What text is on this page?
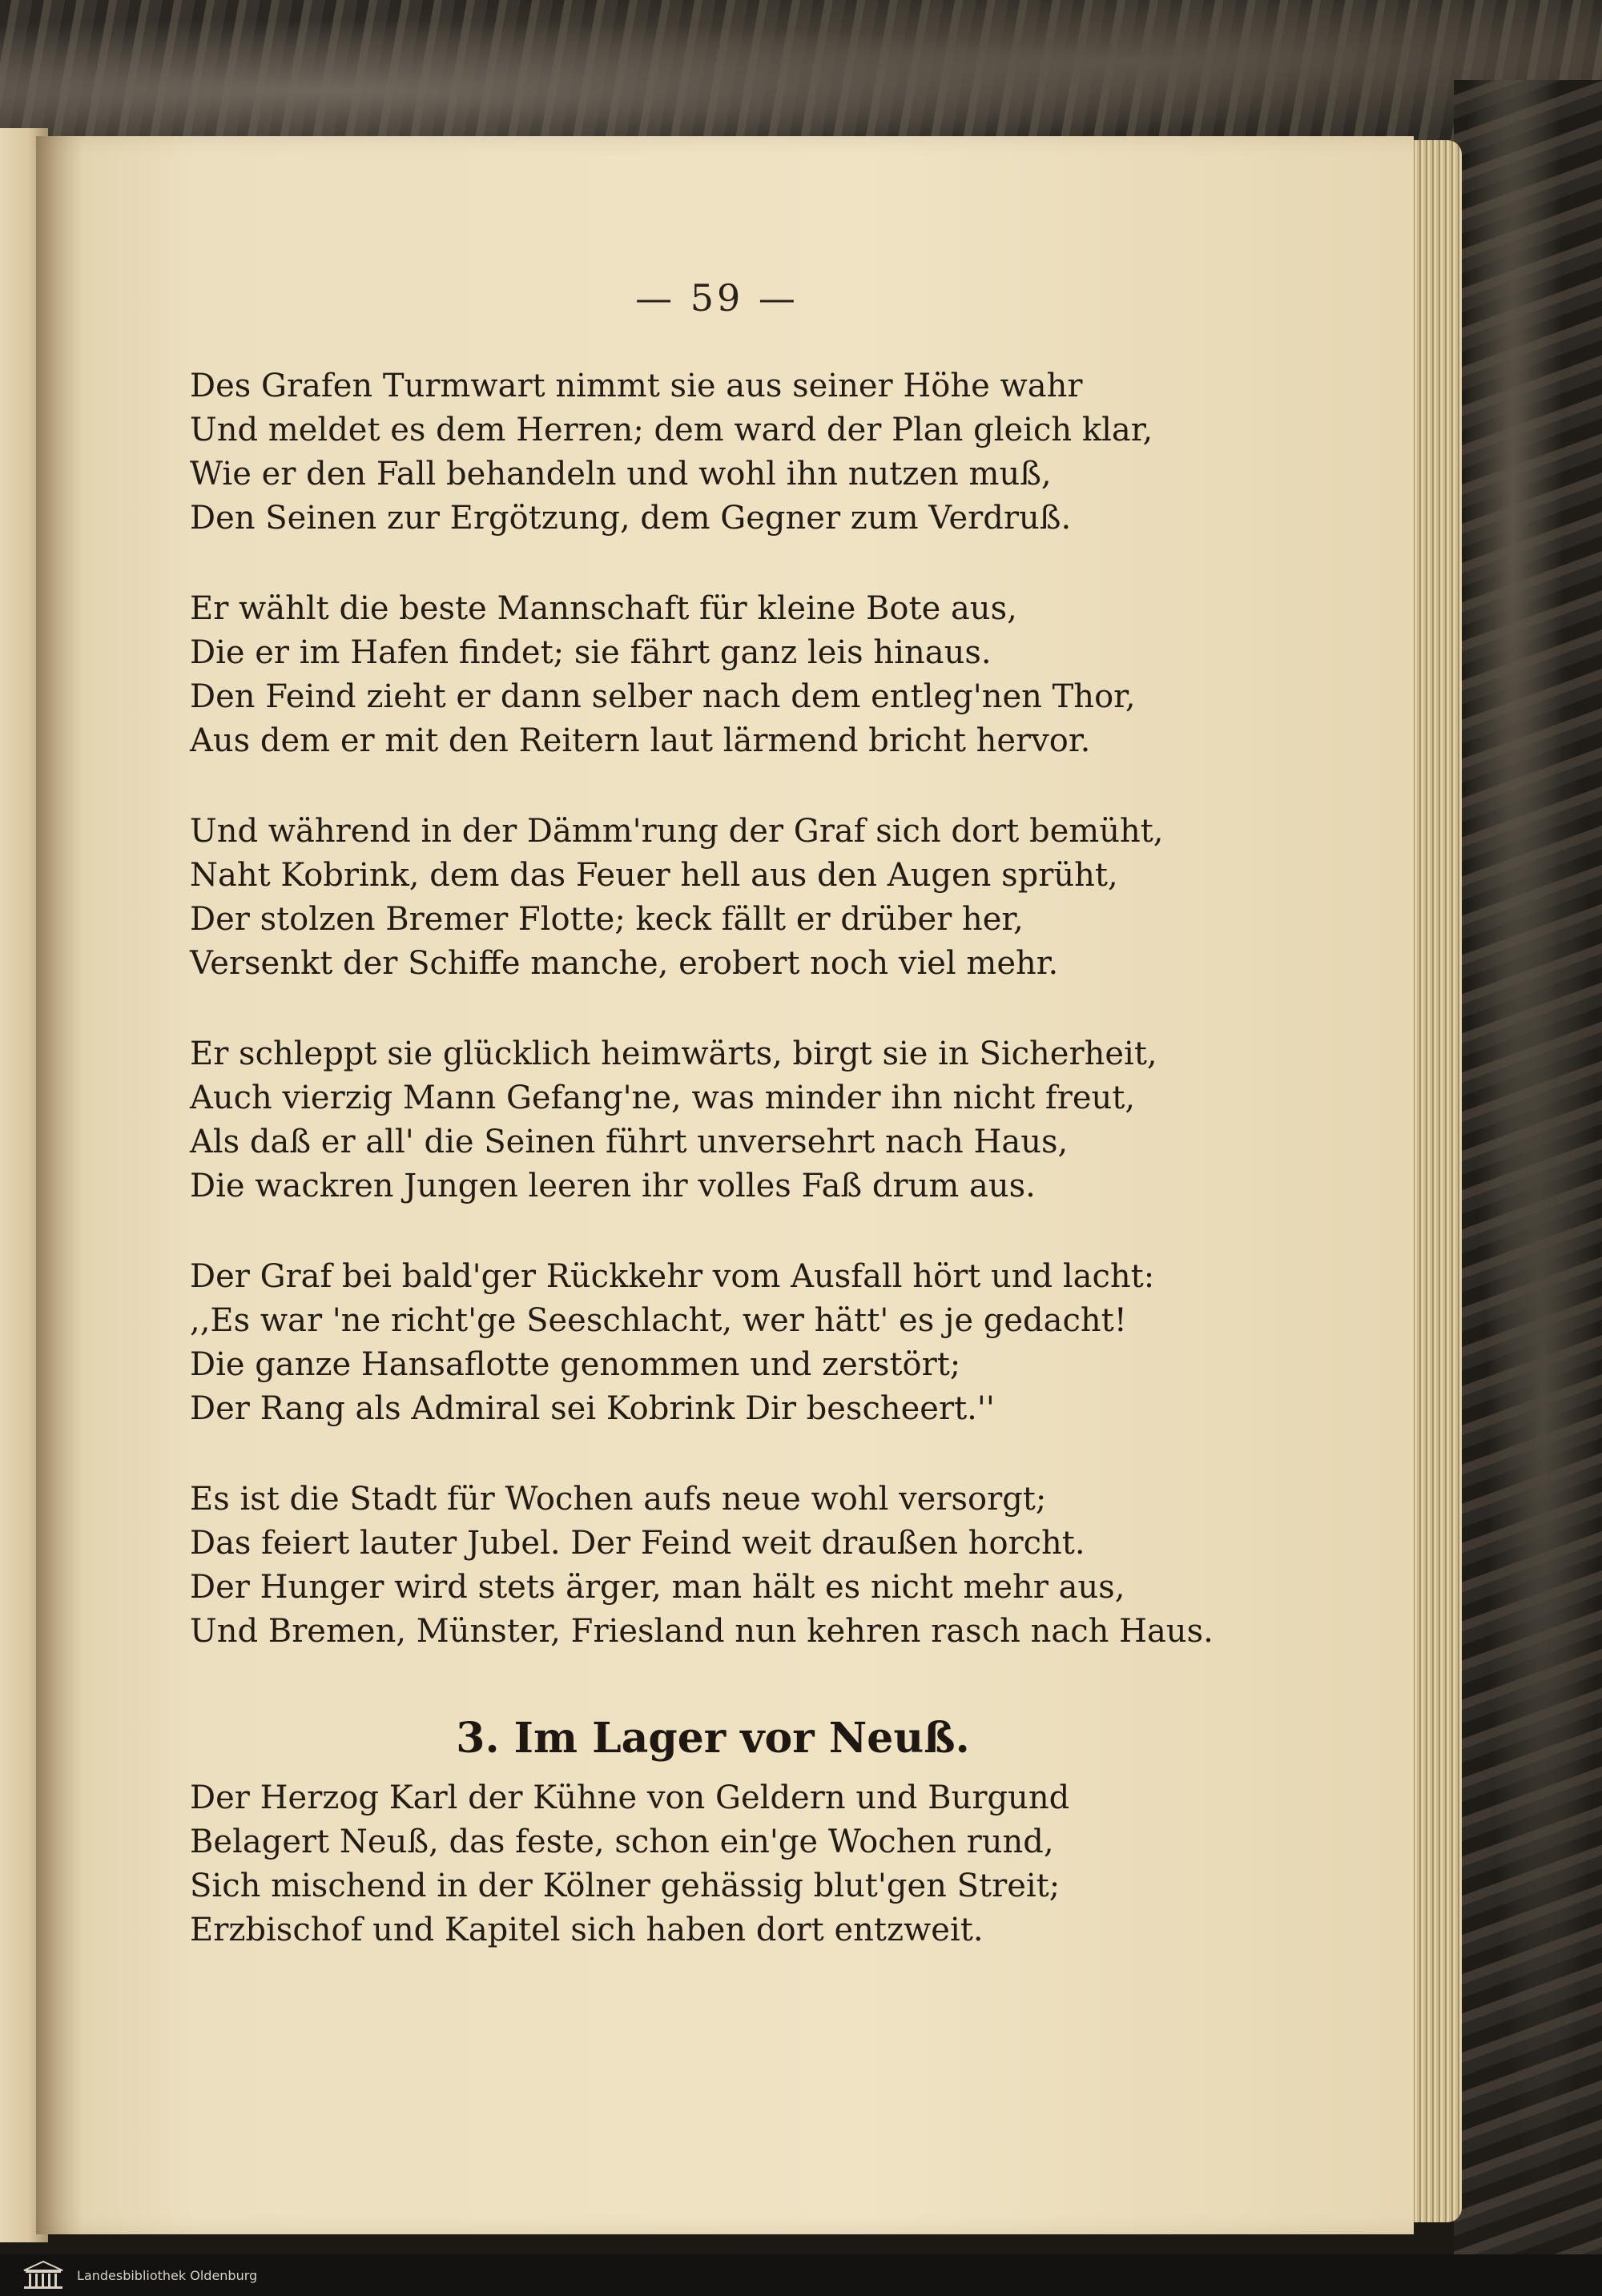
— 59 —
Des Grafen Turmwart nimmt sie aus seiner Höhe wahr
Und meldet es dem Herren; dem ward der Plan gleich klar,
Wie er den Fall behandeln und wohl ihn nutzen muß,
Den Seinen zur Ergötzung, dem Gegner zum Verdruß.
Er wählt die beste Mannschaft für kleine Bote aus,
Die er im Hafen findet; sie fährt ganz leis hinaus.
Den Feind zieht er dann selber nach dem entleg'nen Thor,
Aus dem er mit den Reitern laut lärmend bricht hervor.
Und während in der Dämm'rung der Graf sich dort bemüht,
Naht Kobrink, dem das Feuer hell aus den Augen sprüht,
Der stolzen Bremer Flotte; keck fällt er drüber her,
Versenkt der Schiffe manche, erobert noch viel mehr.
Er schleppt sie glücklich heimwärts, birgt sie in Sicherheit,
Auch vierzig Mann Gefang'ne, was minder ihn nicht freut,
Als daß er all' die Seinen führt unversehrt nach Haus,
Die wackren Jungen leeren ihr volles Faß drum aus.
Der Graf bei bald'ger Rückkehr vom Ausfall hört und lacht:
,,Es war 'ne richt'ge Seeschlacht, wer hätt' es je gedacht!
Die ganze Hansaflotte genommen und zerstört;
Der Rang als Admiral sei Kobrink Dir bescheert.''
Es ist die Stadt für Wochen aufs neue wohl versorgt;
Das feiert lauter Jubel. Der Feind weit draußen horcht.
Der Hunger wird stets ärger, man hält es nicht mehr aus,
Und Bremen, Münster, Friesland nun kehren rasch nach Haus.
3. Im Lager vor Neuß.
Der Herzog Karl der Kühne von Geldern und Burgund
Belagert Neuß, das feste, schon ein'ge Wochen rund,
Sich mischend in der Kölner gehässig blut'gen Streit;
Erzbischof und Kapitel sich haben dort entzweit.
Landesbibliothek Oldenburg
